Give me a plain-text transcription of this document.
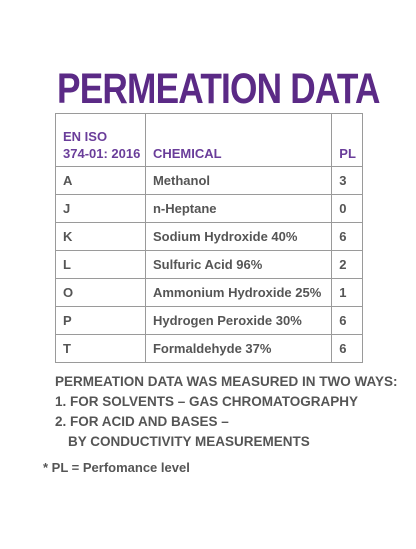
PERMEATION DATA
EN ISO
374-01: 2016	CHEMICAL	PL
A	Methanol	3
J	n-Heptane	0
K	Sodium Hydroxide 40%	6
L	Sulfuric Acid 96%	2
O	Ammonium Hydroxide 25%	1
P	Hydrogen Peroxide 30%	6
T	Formaldehyde 37%	6
PERMEATION DATA WAS MEASURED IN TWO WAYS:
1. FOR SOLVENTS – GAS CHROMATOGRAPHY
2. FOR ACID AND BASES –
BY CONDUCTIVITY MEASUREMENTS
* PL = Perfomance level
